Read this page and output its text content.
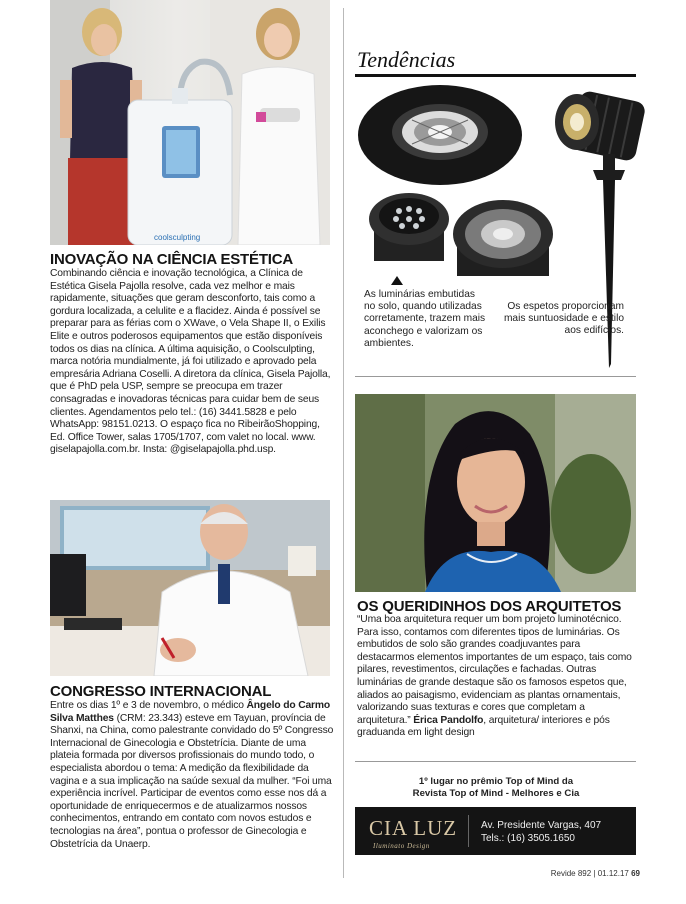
coolsculpting
INOVAÇÃO NA CIÊNCIA ESTÉTICA

Combinando ciência e inovação tecnológica, a Clínica de Estética Gisela Pajolla resolve, cada vez melhor e mais rapidamente, situações que geram desconforto, tais como a gordura localizada, a celulite e a flacidez. Ainda é possível se preparar para as férias com o XWave, o Vela Shape II, o Exilis Elite e outros poderosos equipamentos que estão disponíveis todos os dias na clínica. A última aquisição, o Coolsculpting, marca notória mundialmente, já foi utilizado e aprovado pela empresária Adriana Coselli. A diretora da clínica, Gisela Pajolla, que é PhD pela USP, sempre se preocupa em trazer consagradas e inovadoras técnicas para cuidar bem de seus clientes. Agendamentos pelo tel.: (16) 3441.5828 e pelo WhatsApp: 98151.0213. O espaço fica no RibeirãoShopping, Ed. Office Tower, salas 1705/1707, com valet no local. www. giselapajolla.com.br. Insta: @giselapajolla.phd.usp.

CONGRESSO INTERNACIONAL

Entre os dias 1º e 3 de novembro, o médico Ângelo do Carmo Silva Matthes (CRM: 23.343) esteve em Tayuan, província de Shanxi, na China, como palestrante convidado do 5º Congresso Internacional de Ginecologia e Obstetrícia. Diante de uma plateia formada por diversos profissionais do mundo todo, o especialista abordou o tema: A medição da flexibilidade da vagina e a sua implicação na saúde sexual da mulher. “Foi uma experiência incrível. Participar de eventos como esse nos dá a oportunidade de enriquecermos e de atualizarmos nossos conhecimentos, entrando em contato com novos estudos e tecnologias na área”, pontua o professor de Ginecologia e Obstetrícia da Unaerp.

Tendências

As luminárias embutidas no solo, quando utilizadas corretamente, trazem mais aconchego e valorizam os ambientes.

Os espetos proporcionam mais suntuosidade e estilo aos edifícios.

OS QUERIDINHOS DOS ARQUITETOS

“Uma boa arquitetura requer um bom projeto luminotécnico. Para isso, contamos com diferentes tipos de luminárias. Os embutidos de solo são grandes coadjuvantes para destacarmos elementos importantes de um espaço, tais como pilares, revestimentos, circulações e fachadas. Outras luminárias de grande destaque são os famosos espetos que, aliados ao paisagismo, evidenciam as plantas ornamentais, valorizando suas texturas e cores que completam a arquitetura.” Érica Pandolfo, arquitetura/ interiores e pós graduanda em light design

1º lugar no prêmio Top of Mind da
Revista Top of Mind - Melhores e Cia
CIA LUZ
Iluminato Design
Av. Presidente Vargas, 407
Tels.: (16) 3505.1650
Revide 892 | 01.12.17 69
